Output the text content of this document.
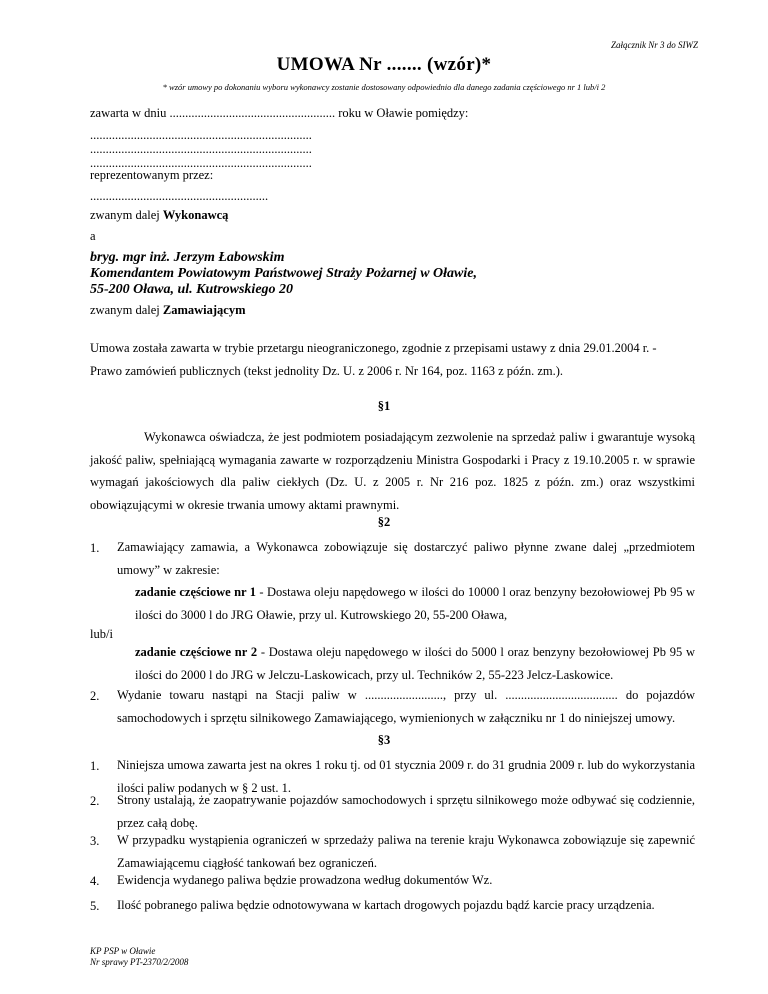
Załącznik Nr 3 do SIWZ
UMOWA Nr ....... (wzór)*
* wzór umowy po dokonaniu wyboru wykonawcy zostanie dostosowany odpowiednio dla danego zadania częściowego nr 1 lub/i 2
zawarta w dniu ..................................................... roku w Oławie pomiędzy:
.......................................................................
.......................................................................
.......................................................................
reprezentowanym przez:
.........................................................
zwanym dalej Wykonawcą
a
bryg. mgr inż. Jerzym Łabowskim
Komendantem Powiatowym Państwowej Straży Pożarnej w Oławie,
55-200 Oława, ul. Kutrowskiego 20
zwanym dalej Zamawiającym
Umowa została zawarta w trybie przetargu nieograniczonego, zgodnie z przepisami ustawy z dnia 29.01.2004 r. -
Prawo zamówień publicznych (tekst jednolity Dz. U. z 2006 r. Nr 164, poz. 1163 z późn. zm.).
§1
Wykonawca oświadcza, że jest podmiotem posiadającym zezwolenie na sprzedaż paliw i gwarantuje wysoką jakość paliw, spełniającą wymagania zawarte w rozporządzeniu Ministra Gospodarki i Pracy z 19.10.2005 r. w sprawie wymagań jakościowych dla paliw ciekłych (Dz. U. z 2005 r. Nr 216 poz. 1825 z późn. zm.) oraz wszystkimi obowiązującymi w okresie trwania umowy aktami prawnymi.
§2
1. Zamawiający zamawia, a Wykonawca zobowiązuje się dostarczyć paliwo płynne zwane dalej „przedmiotem umowy” w zakresie:
zadanie częściowe nr 1 - Dostawa oleju napędowego w ilości do 10000 l oraz benzyny bezołowiowej Pb 95 w ilości do 3000 l do JRG Oławie, przy ul. Kutrowskiego 20, 55-200 Oława,
lub/i
zadanie częściowe nr 2 - Dostawa oleju napędowego w ilości do 5000 l oraz benzyny bezołowiowej Pb 95 w ilości do 2000 l do JRG w Jelczu-Laskowicach, przy ul. Techników 2, 55-223 Jelcz-Laskowice.
2. Wydanie towaru nastąpi na Stacji paliw w ........................., przy ul. .................................... do pojazdów samochodowych i sprzętu silnikowego Zamawiającego, wymienionych w załączniku nr 1 do niniejszej umowy.
§3
1. Niniejsza umowa zawarta jest na okres 1 roku tj. od 01 stycznia 2009 r. do 31 grudnia 2009 r. lub do wykorzystania ilości paliw podanych w § 2 ust. 1.
2. Strony ustalają, że zaopatrywanie pojazdów samochodowych i sprzętu silnikowego może odbywać się codziennie, przez całą dobę.
3. W przypadku wystąpienia ograniczeń w sprzedaży paliwa na terenie kraju Wykonawca zobowiązuje się zapewnić Zamawiającemu ciągłość tankowań bez ograniczeń.
4. Ewidencja wydanego paliwa będzie prowadzona według dokumentów Wz.
5. Ilość pobranego paliwa będzie odnotowywana w kartach drogowych pojazdu bądź karcie pracy urządzenia.
KP PSP w Oławie
Nr sprawy PT-2370/2/2008
